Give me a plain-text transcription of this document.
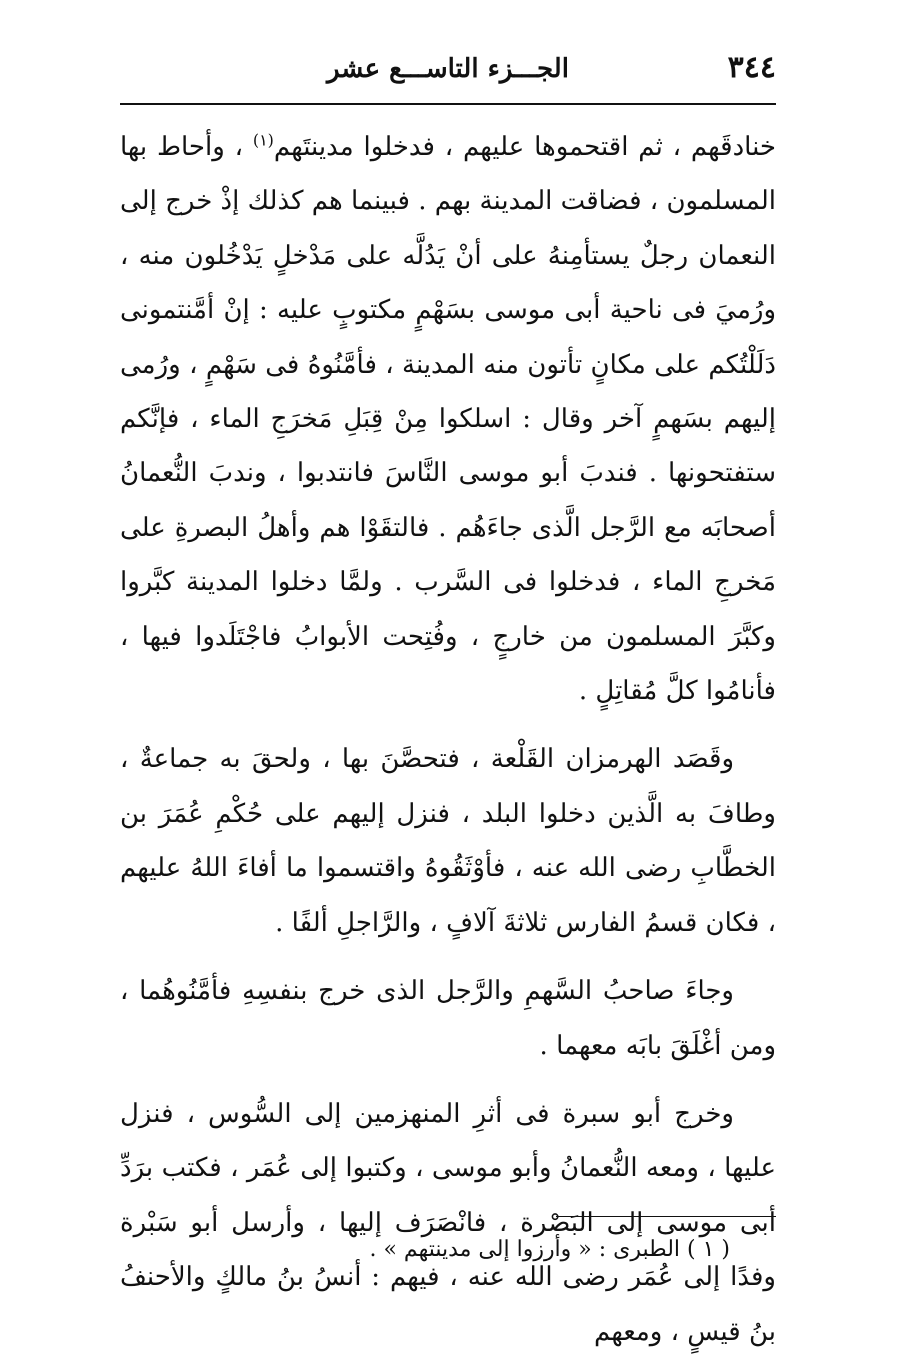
٣٤٤
الجـــزء التاســـع عشر

خنادقَهم ، ثم اقتحموها عليهم ، فدخلوا مدينتَهم$^{(١)}$ ، وأحاط بها المسلمون ، فضاقت المدينة بهم . فبينما هم كذلك إذْ خرج إلى النعمان رجلٌ يستأمِنهُ على أنْ يَدُلَّه على مَدْخلٍ يَدْخُلون منه ، ورُميَ فى ناحية أبى موسى بسَهْمٍ مكتوبٍ عليه : إنْ أمَّنتمونى دَلَلْتُكم على مكانٍ تأتون منه المدينة ، فأمَّنُوهُ فى سَهْمٍ ، ورُمى إليهم بسَهمٍ آخر وقال : اسلكوا مِنْ قِبَلِ مَخرَجِ الماء ، فإنَّكم ستفتحونها . فندبَ أبو موسى النَّاسَ فانتدبوا ، وندبَ النُّعمانُ أصحابَه مع الرَّجل الَّذى جاءَهُم . فالتقَوْا هم وأهلُ البصرةِ على مَخرجِ الماء ، فدخلوا فى السَّرب . ولمَّا دخلوا المدينة كبَّروا وكبَّرَ المسلمون من خارجٍ ، وفُتِحت الأبوابُ فاجْتَلَدوا فيها ، فأنامُوا كلَّ مُقاتِلٍ .

وقَصَد الهرمزان القَلْعة ، فتحصَّنَ بها ، ولحقَ به جماعةٌ ، وطافَ به الَّذين دخلوا البلد ، فنزل إليهم على حُكْمِ عُمَرَ بن الخطَّابِ رضى الله عنه ، فأوْثَقُوهُ واقتسموا ما أفاءَ اللهُ عليهم ، فكان قسمُ الفارس ثلاثةَ آلافٍ ، والرَّاجلِ ألفًا .

وجاءَ صاحبُ السَّهمِ والرَّجل الذى خرج بنفسِهِ فأمَّنُوهُما ، ومن أغْلَقَ بابَه معهما .

وخرج أبو سبرة فى أثرِ المنهزمين إلى السُّوس ، فنزل عليها ، ومعه النُّعمانُ وأبو موسى ، وكتبوا إلى عُمَر ، فكتب برَدِّ أبى موسى إلى البَصْرة ، فانْصَرَف إليها ، وأرسل أبو سَبْرة وفدًا إلى عُمَر رضى الله عنه ، فيهم : أنسُ بنُ مالكٍ والأحنفُ بنُ قيسٍ ، ومعهم

( ١ ) الطبرى : « وأرزوا إلى مدينتهم » .
